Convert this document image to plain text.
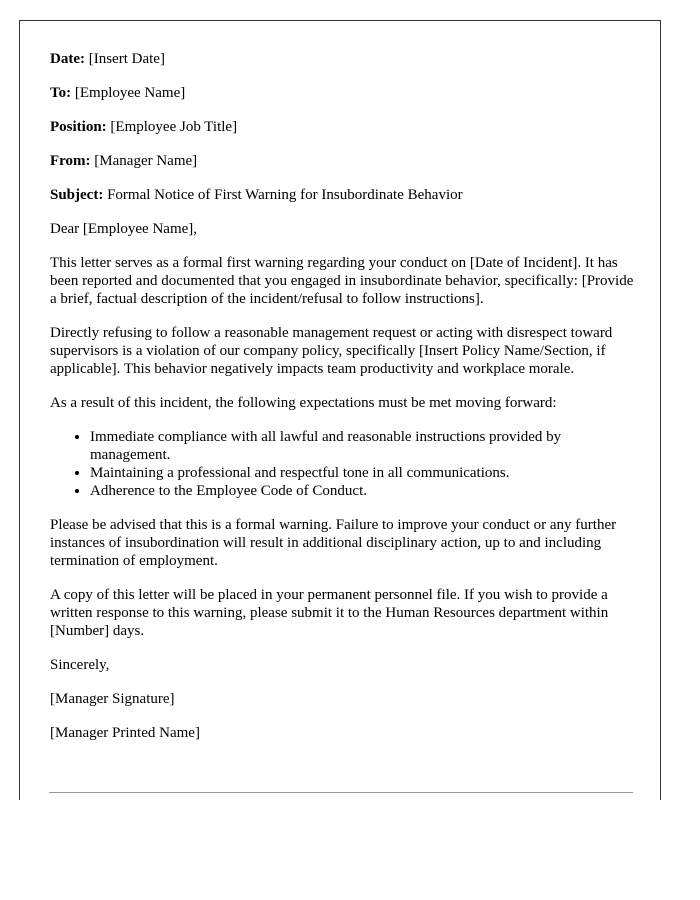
Date: [Insert Date]
To: [Employee Name]
Position: [Employee Job Title]
From: [Manager Name]
Subject: Formal Notice of First Warning for Insubordinate Behavior

Dear [Employee Name],

This letter serves as a formal first warning regarding your conduct on [Date of Incident]. It has been reported and documented that you engaged in insubordinate behavior, specifically: [Provide a brief, factual description of the incident/refusal to follow instructions].

Directly refusing to follow a reasonable management request or acting with disrespect toward supervisors is a violation of our company policy, specifically [Insert Policy Name/Section, if applicable]. This behavior negatively impacts team productivity and workplace morale.

As a result of this incident, the following expectations must be met moving forward:

• Immediate compliance with all lawful and reasonable instructions provided by management.
• Maintaining a professional and respectful tone in all communications.
• Adherence to the Employee Code of Conduct.

Please be advised that this is a formal warning. Failure to improve your conduct or any further instances of insubordination will result in additional disciplinary action, up to and including termination of employment.

A copy of this letter will be placed in your permanent personnel file. If you wish to provide a written response to this warning, please submit it to the Human Resources department within [Number] days.

Sincerely,
[Manager Signature]
[Manager Printed Name]
